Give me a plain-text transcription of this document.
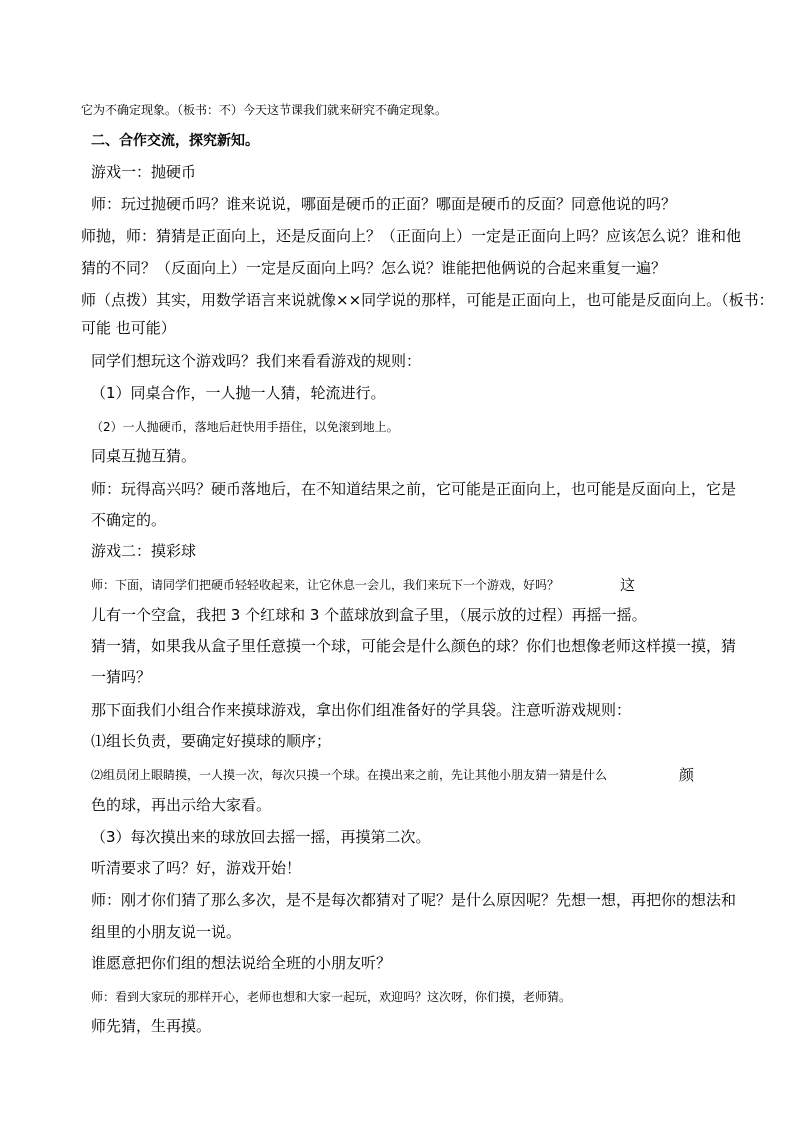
它为不确定现象。（板书：不）今天这节课我们就来研究不确定现象。
二、合作交流，探究新知。
游戏一：抛硬币
师：玩过抛硬币吗？谁来说说，哪面是硬币的正面？哪面是硬币的反面？同意他说的吗？
师抛，师：猜猜是正面向上，还是反面向上？（正面向上）一定是正面向上吗？应该怎么说？谁和他
猜的不同？（反面向上）一定是反面向上吗？怎么说？谁能把他俩说的合起来重复一遍？
师（点拨）其实，用数学语言来说就像××同学说的那样，可能是正面向上，也可能是反面向上。（板书：
可能 也可能）
同学们想玩这个游戏吗？我们来看看游戏的规则：
（1）同桌合作，一人抛一人猜，轮流进行。
（2）一人抛硬币，落地后赶快用手捂住，以免滚到地上。
同桌互抛互猜。
师：玩得高兴吗？硬币落地后，在不知道结果之前，它可能是正面向上，也可能是反面向上，它是
不确定的。
游戏二：摸彩球
师：下面，请同学们把硬币轻轻收起来，让它休息一会儿，我们来玩下一个游戏，好吗？	这
儿有一个空盒，我把 3 个红球和 3 个蓝球放到盒子里，（展示放的过程）再摇一摇。
猜一猜，如果我从盒子里任意摸一个球，可能会是什么颜色的球？你们也想像老师这样摸一摸，猜
一猜吗？
那下面我们小组合作来摸球游戏，拿出你们组准备好的学具袋。注意听游戏规则：
⑴组长负责，要确定好摸球的顺序；
⑵组员闭上眼睛摸，一人摸一次，每次只摸一个球。在摸出来之前，先让其他小朋友猜一猜是什么	颜
色的球，再出示给大家看。
（3）每次摸出来的球放回去摇一摇，再摸第二次。
听清要求了吗？好，游戏开始！
师：刚才你们猜了那么多次，是不是每次都猜对了呢？是什么原因呢？先想一想，再把你的想法和
组里的小朋友说一说。
谁愿意把你们组的想法说给全班的小朋友听？
师：看到大家玩的那样开心，老师也想和大家一起玩，欢迎吗？这次呀，你们摸，老师猜。
师先猜，生再摸。
